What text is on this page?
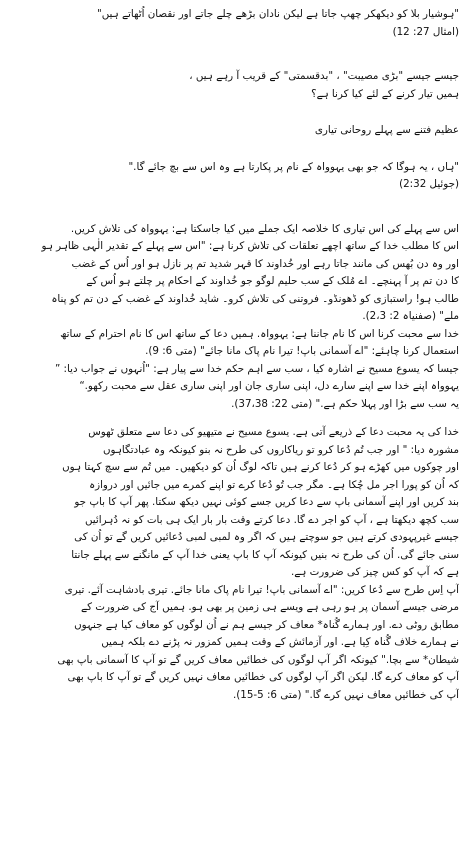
"ہوشیار بلا کو دیکھکر چھپ جاتا ہے لیکن نادان بڑھے چلے جاتے اور نقصان اُٹھاتے ہیں"
(امثال 27: 12)
جیسے جیسے "بڑی مصیبت" ، "بدقسمتی" کے قریب آ رہے ہیں ،
ہمیں تیار کرنے کے لئے کیا کرنا ہے؟
عظیم فتنے سے پہلے روحانی تیاری
"ہاں ، یہ ہوگا کہ جو بھی یہوواہ کے نام پر پکارتا ہے وہ اس سے بچ جائے گا."
(جوئیل 2:32)
اس سے پہلے کی اس تیاری کا خلاصہ ایک جملے میں کیا جاسکتا ہے: یہوواہ کی تلاش کریں.
اس کا مطلب خدا کے ساتھ اچھے تعلقات کی تلاش کرنا ہے: "اس سے پہلے کے تقدیر الٰہی ظاہر ہو
اور وہ دن بُھس کی مانند جاتا رہے اور خُداوند کا قہر شدید تم پر نازل ہو اور اُس کے غضب
کا دن تم پر آ پہنچے۔ اے مُلک کے سب حلیم لوگو جو خُداوند کے احکام پر چلتے ہو اُس کے
طالب ہو! راستبازی کو ڈھونڈو۔ فروتنی کی تلاش کرو۔ شاید خُداوند کے غضب کے دن تم کو پناہ
ملے" (صفنیاہ 2: 2،3).
خدا سے محبت کرنا اس کا نام جاننا ہے: یہوواہ. ہمیں دعا کے ساتھ اس کا نام احترام کے ساتھ
استعمال کرنا چاہئے: "اے آسمانی باپ! تیرا نام پاک مانا جائے" (متی 6: 9).
جیسا کہ یسوع مسیح نے اشارہ کیا ، سب سے اہم حکم خدا سے پیار ہے: "اُنہوں نے جواب دیا: ”
یہوواہ اپنے خدا سے اپنے سارے دل، اپنی ساری جان اور اپنی ساری عقل سے محبت رکھو.“
یہ سب سے بڑا اور پہلا حکم ہے." (متی 22: 37،38).
خدا کی یہ محبت دعا کے ذریعے آتی ہے. یسوع مسیح نے متیھیو کی دعا سے متعلق ٹھوس
مشورہ دیا: " اور جب تُم دُعا کرو تو ریاکاروں کی طرح نہ بنو کیونکہ وہ عبادتگاہوں
اور چوکوں میں کھڑے ہو کر دُعا کرنے ہیں تاکہ لوگ اُن کو دیکھیں۔ میں تُم سے سچ کہتا ہوں
کہ اُن کو پورا اجر مل چُکا ہے۔ مگر جب تُو دُعا کرے تو اپنے کمرے میں جائیں اور دروازہ
بند کریں اور اپنے آسمانی باپ سے دعا کریں جسے کوئی نہیں دیکھ سکتا. پھر آپ کا باپ جو
سب کچھ دیکھتا ہے ، آپ کو اجر دے گا. دعا کرتے وقت بار بار ایک ہی بات کو نہ دُہرائیں
جیسے غیرپہودی کرتے ہیں جو سوچتے ہیں کہ اگر وہ لمبی لمبی دُعائیں کریں گے تو اُن کی
سنی جائے گی. اُن کی طرح نہ بنیں کیونکہ آپ کا باپ یعنی خدا آپ کے مانگنے سے پہلے جانتا
ہے کہ آپ کو کس چیز کی ضرورت ہے.
آپ اِس طرح سے دُعا کریں: "اے آسمانی باپ! تیرا نام پاک مانا جائے. تیری بادشاہت آئے. تیری
مرضی جیسے آسمان پر ہو رہی ہے ویسے ہی زمین پر بھی ہو. ہمیں آج کی ضرورت کے
مطابق روٹی دے. اور ہمارے گُناہ* معاف کر جیسے ہم نے اُن لوگوں کو معاف کیا ہے جنہوں
نے ہمارے خلاف گُناہ کِیا ہے. اور آزمائش کے وقت ہمیں کمزور نہ پڑنے دے بلکہ ہمیں
شیطان* سے بچا." کیونکہ اگر آپ لوگوں کی خطائیں معاف کریں گے تو آپ کا آسمانی باپ بھی
آپ کو معاف کرے گا. لیکن اگر آپ لوگوں کی خطائیں معاف نہیں کریں گے تو آپ کا باپ بھی
آپ کی خطائیں معاف نہیں کرے گا." (متی 6: 5-15).
